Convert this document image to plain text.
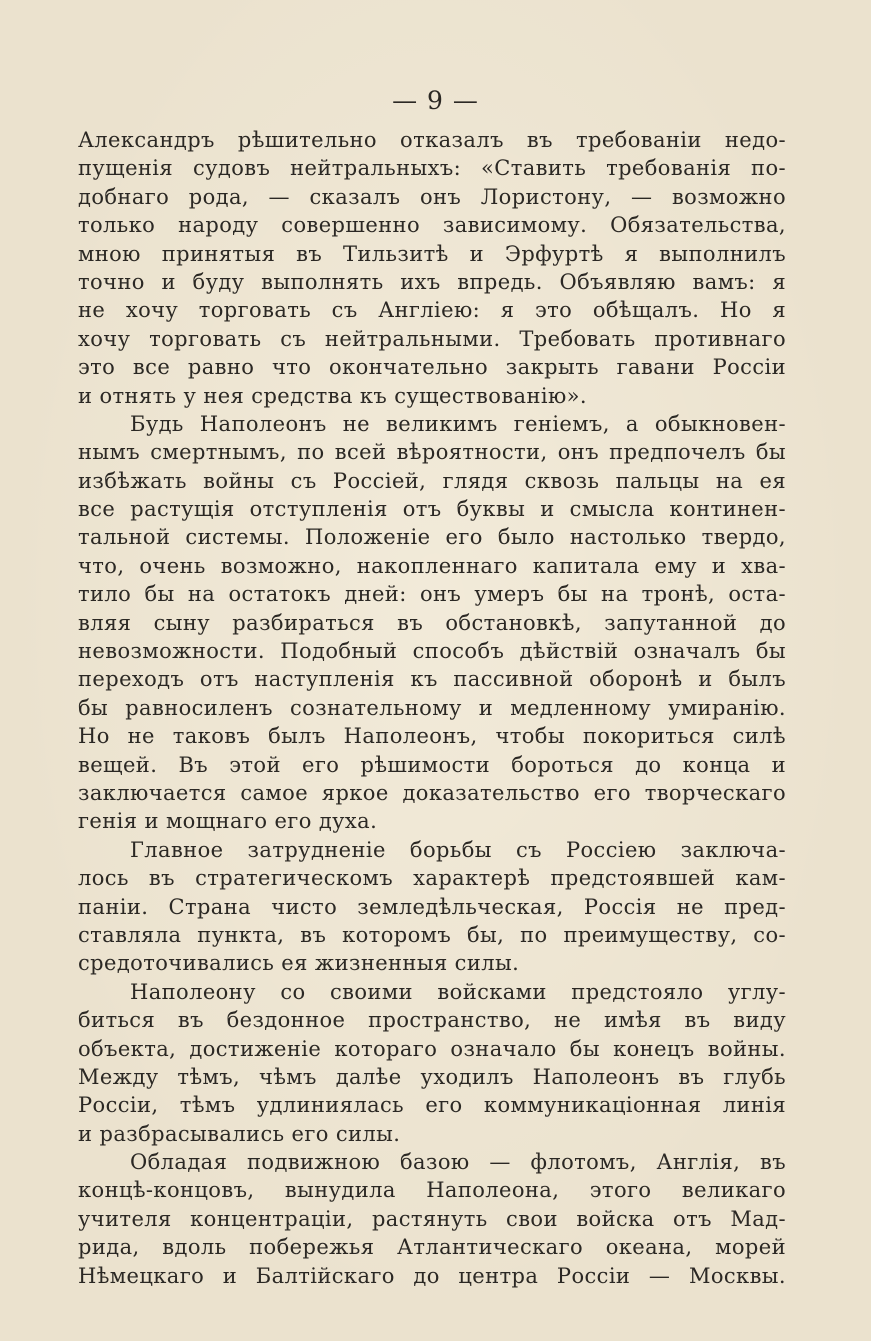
— 9 —
Александръ рѣшительно отказалъ въ требованіи недо-
пущенія судовъ нейтральныхъ: «Ставить требованія по-
добнаго рода, — сказалъ онъ Лористону, — возможно
только народу совершенно зависимому. Обязательства,
мною принятыя въ Тильзитѣ и Эрфуртѣ я выполнилъ
точно и буду выполнять ихъ впредь. Объявляю вамъ: я
не хочу торговать съ Англіею: я это обѣщалъ. Но я
хочу торговать съ нейтральными. Требовать противнаго
это все равно что окончательно закрыть гавани Россіи
и отнять у нея средства къ существованію».
Будь Наполеонъ не великимъ геніемъ, а обыкновен-
нымъ смертнымъ, по всей вѣроятности, онъ предпочелъ бы
избѣжать войны съ Россіей, глядя сквозь пальцы на ея
все растущія отступленія отъ буквы и смысла континен-
тальной системы. Положеніе его было настолько твердо,
что, очень возможно, накопленнаго капитала ему и хва-
тило бы на остатокъ дней: онъ умеръ бы на тронѣ, оста-
вляя сыну разбираться въ обстановкѣ, запутанной до
невозможности. Подобный способъ дѣйствій означалъ бы
переходъ отъ наступленія къ пассивной оборонѣ и былъ
бы равносиленъ сознательному и медленному умиранію.
Но не таковъ былъ Наполеонъ, чтобы покориться силѣ
вещей. Въ этой его рѣшимости бороться до конца и
заключается самое яркое доказательство его творческаго
генія и мощнаго его духа.
Главное затрудненіе борьбы съ Россіею заключа-
лось въ стратегическомъ характерѣ предстоявшей кам-
паніи. Страна чисто земледѣльческая, Россія не пред-
ставляла пункта, въ которомъ бы, по преимуществу, со-
средоточивались ея жизненныя силы.
Наполеону со своими войсками предстояло углу-
биться въ бездонное пространство, не имѣя въ виду
объекта, достиженіе котораго означало бы конецъ войны.
Между тѣмъ, чѣмъ далѣе уходилъ Наполеонъ въ глубь
Россіи, тѣмъ удлиниялась его коммуникаціонная линія
и разбрасывались его силы.
Обладая подвижною базою — флотомъ, Англія, въ
концѣ-концовъ, вынудила Наполеона, этого великаго
учителя концентраціи, растянуть свои войска отъ Мад-
рида, вдоль побережья Атлантическаго океана, морей
Нѣмецкаго и Балтійскаго до центра Россіи — Москвы.
